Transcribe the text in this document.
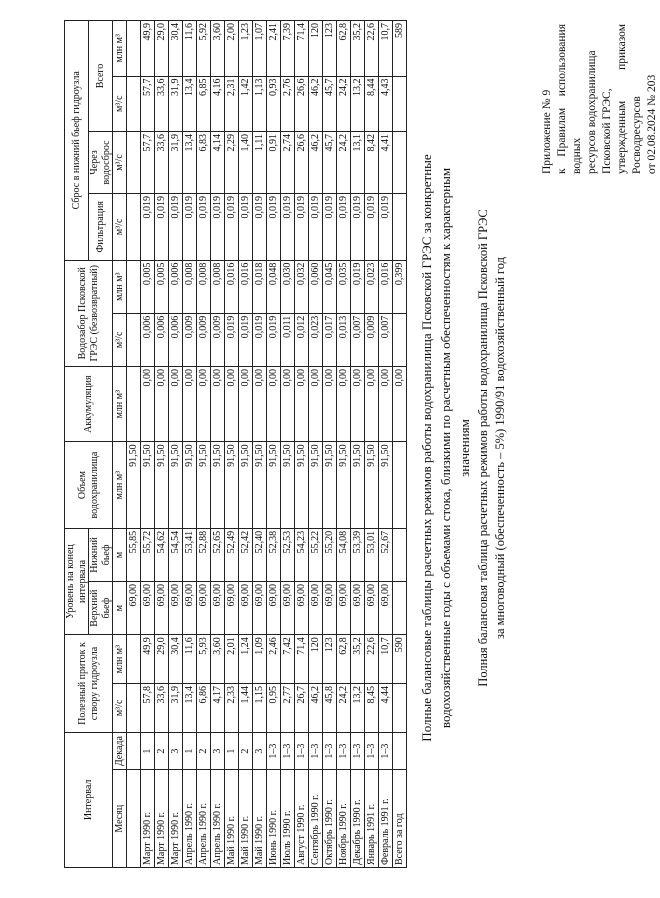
Приложение № 9 к Правилам использования водных ресурсов водохранилища Псковской ГРЭС, утвержденным приказом Росводресурсов от 02.08.2024 № 203
Полные балансовые таблицы расчетных режимов работы водохранилища Псковской ГРЭС за конкретные водохозяйственные годы с объемами стока, близкими по расчетным обеспеченностям к характерным значениям Полная балансовая таблица расчетных режимов работы водохранилища Псковской ГРЭС за многоводный (обеспеченность – 5%) 1990/91 водохозяйственный год
Интервал		Полезный приток к створу гидроузла		Уровень на конец интервала		Объем водохранилища	Аккумуляция	Водозабор Псковской ГРЭС (безвозвратный)		Сброс в нижний бьеф гидроузла			
				Верхний бьеф	Нижний бьеф					Фильтрация	Через водосброс	Всего	
Месяц	Декада	м³/с	млн м³	м	м	млн м³	млн м³	м³/с	млн м³	м³/с	м³/с	м³/с	млн м³
				69,00	55,85	91,50							
Март 1990 г.	1	57,8	49,9	69,00	55,72	91,50	0,00	0,006	0,005	0,019	57,7	57,7	49,9
Март 1990 г.	2	33,6	29,0	69,00	54,62	91,50	0,00	0,006	0,005	0,019	33,6	33,6	29,0
Март 1990 г.	3	31,9	30,4	69,00	54,54	91,50	0,00	0,006	0,006	0,019	31,9	31,9	30,4
Апрель 1990 г.	1	13,4	11,6	69,00	53,41	91,50	0,00	0,009	0,008	0,019	13,4	13,4	11,6
Апрель 1990 г.	2	6,86	5,93	69,00	52,88	91,50	0,00	0,009	0,008	0,019	6,83	6,85	5,92
Апрель 1990 г.	3	4,17	3,60	69,00	52,65	91,50	0,00	0,009	0,008	0,019	4,14	4,16	3,60
Май 1990 г.	1	2,33	2,01	69,00	52,49	91,50	0,00	0,019	0,016	0,019	2,29	2,31	2,00
Май 1990 г.	2	1,44	1,24	69,00	52,42	91,50	0,00	0,019	0,016	0,019	1,40	1,42	1,23
Май 1990 г.	3	1,15	1,09	69,00	52,40	91,50	0,00	0,019	0,018	0,019	1,11	1,13	1,07
Июнь 1990 г.	1–3	0,95	2,46	69,00	52,38	91,50	0,00	0,019	0,048	0,019	0,91	0,93	2,41
Июль 1990 г.	1–3	2,77	7,42	69,00	52,53	91,50	0,00	0,011	0,030	0,019	2,74	2,76	7,39
Август 1990 г.	1–3	26,7	71,4	69,00	54,23	91,50	0,00	0,012	0,032	0,019	26,6	26,6	71,4
Сентябрь 1990 г.	1–3	46,2	120	69,00	55,22	91,50	0,00	0,023	0,060	0,019	46,2	46,2	120
Октябрь 1990 г.	1–3	45,8	123	69,00	55,20	91,50	0,00	0,017	0,045	0,019	45,7	45,7	123
Ноябрь 1990 г.	1–3	24,2	62,8	69,00	54,08	91,50	0,00	0,013	0,035	0,019	24,2	24,2	62,8
Декабрь 1990 г.	1–3	13,2	35,2	69,00	53,39	91,50	0,00	0,007	0,019	0,019	13,1	13,2	35,2
Январь 1991 г.	1–3	8,45	22,6	69,00	53,01	91,50	0,00	0,009	0,023	0,019	8,42	8,44	22,6
Февраль 1991 г.	1–3	4,44	10,7	69,00	52,67	91,50	0,00	0,007	0,016	0,019	4,41	4,43	10,7
Всего за год			590				0,00		0,399				589
